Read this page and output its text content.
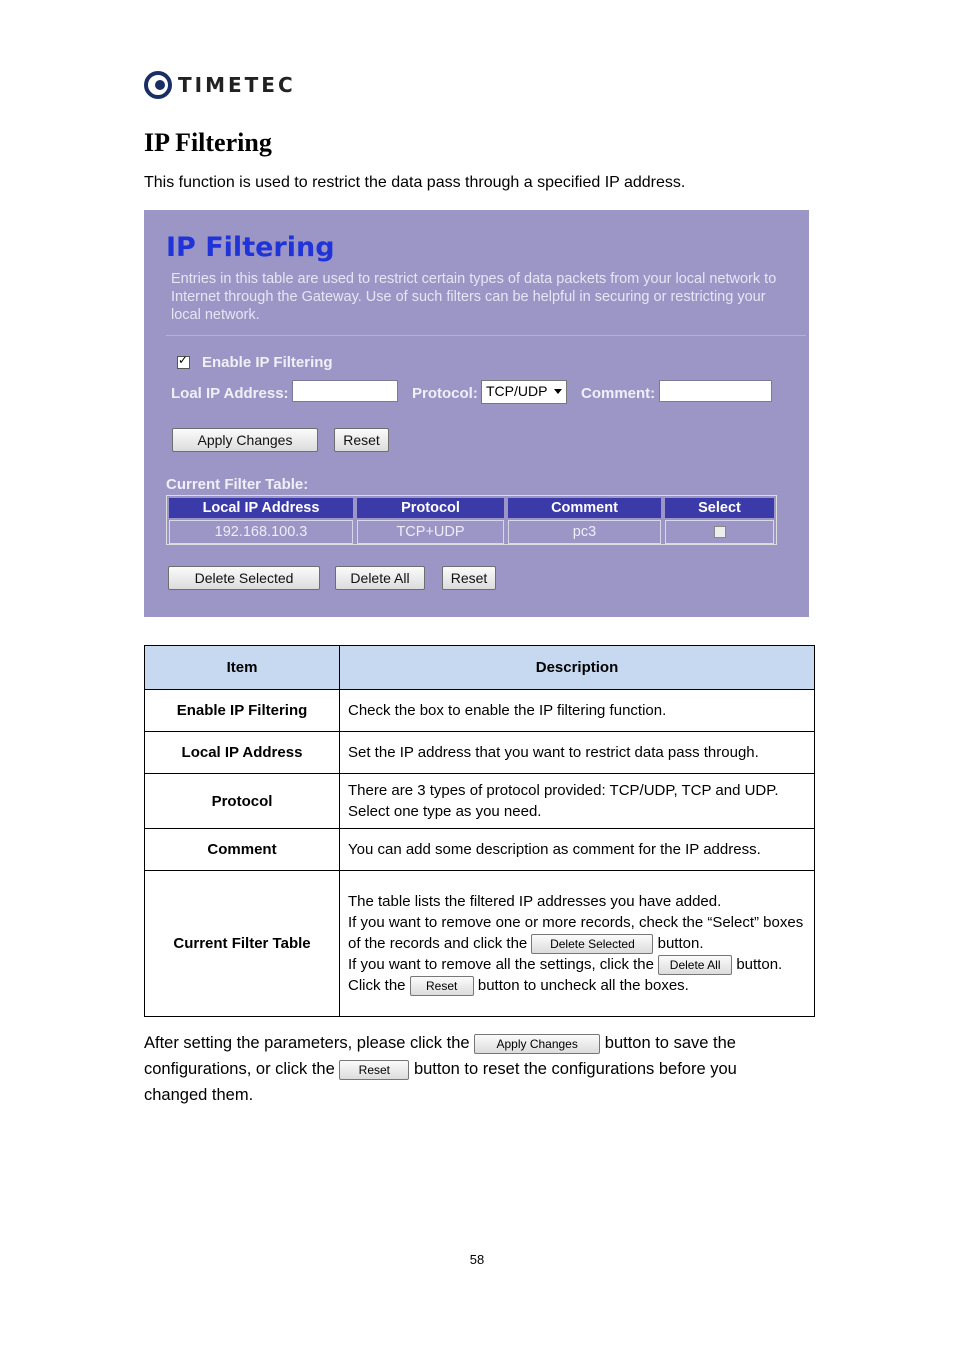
TIMETEC
IP Filtering
This function is used to restrict the data pass through a specified IP address.
IP Filtering
Entries in this table are used to restrict certain types of data packets from your local network to Internet through the Gateway. Use of such filters can be helpful in securing or restricting your local network.
✓
Enable IP Filtering
Loal IP Address:	Protocol: TCP/UDP	Comment:
Apply Changes	Reset
Current Filter Table:
Local IP Address	Protocol	Comment	Select
192.168.100.3	TCP+UDP	pc3
Delete Selected	Delete All	Reset
Item	Description
Enable IP Filtering	Check the box to enable the IP filtering function.
Local IP Address	Set the IP address that you want to restrict data pass through.
Protocol	There are 3 types of protocol provided: TCP/UDP, TCP and UDP. Select one type as you need.
Comment	You can add some description as comment for the IP address.
Current Filter Table	The table lists the filtered IP addresses you have added.
If you want to remove one or more records, check the “Select” boxes of the records and click the Delete Selected button.
If you want to remove all the settings, click the Delete All button.
Click the Reset button to uncheck all the boxes.
After setting the parameters, please click the Apply Changes button to save the configurations, or click the Reset button to reset the configurations before you changed them.
58
